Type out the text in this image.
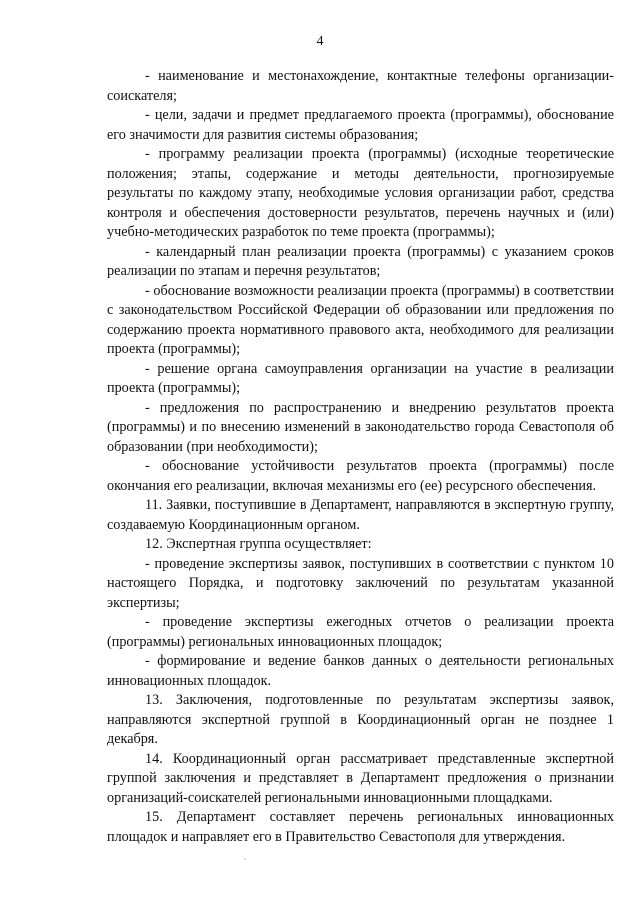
4

- наименование и местонахождение, контактные телефоны организации-соискателя;

- цели, задачи и предмет предлагаемого проекта (программы), обоснование его значимости для развития системы образования;

- программу реализации проекта (программы) (исходные теоретические положения; этапы, содержание и методы деятельности, прогнозируемые результаты по каждому этапу, необходимые условия организации работ, средства контроля и обеспечения достоверности результатов, перечень научных и (или) учебно-методических разработок по теме проекта (программы);

- календарный план реализации проекта (программы) с указанием сроков реализации по этапам и перечня результатов;

- обоснование возможности реализации проекта (программы) в соответствии с законодательством Российской Федерации об образовании или предложения по содержанию проекта нормативного правового акта, необходимого для реализации проекта (программы);

- решение органа самоуправления организации на участие в реализации проекта (программы);

- предложения по распространению и внедрению результатов проекта (программы) и по внесению изменений в законодательство города Севастополя об образовании (при необходимости);

- обоснование устойчивости результатов проекта (программы) после окончания его реализации, включая механизмы его (ее) ресурсного обеспечения.

11. Заявки, поступившие в Департамент, направляются в экспертную группу, создаваемую Координационным органом.

12. Экспертная группа осуществляет:

- проведение экспертизы заявок, поступивших в соответствии с пунктом 10 настоящего Порядка, и подготовку заключений по результатам указанной экспертизы;

- проведение экспертизы ежегодных отчетов о реализации проекта (программы) региональных инновационных площадок;

- формирование и ведение банков данных о деятельности региональных инновационных площадок.

13. Заключения, подготовленные по результатам экспертизы заявок, направляются экспертной группой в Координационный орган не позднее 1 декабря.

14. Координационный орган рассматривает представленные экспертной группой заключения и представляет в Департамент предложения о признании организаций-соискателей региональными инновационными площадками.

15. Департамент составляет перечень региональных инновационных площадок и направляет его в Правительство Севастополя для утверждения.
